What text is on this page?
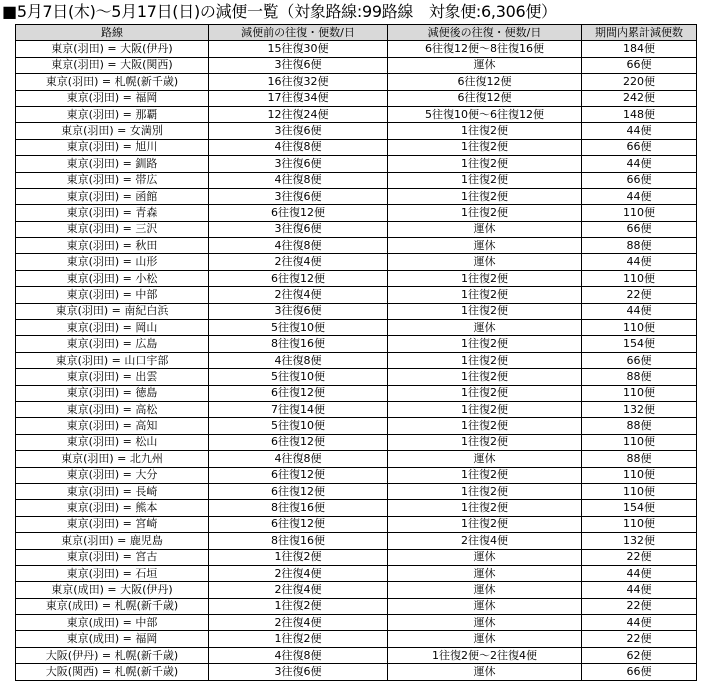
■5月7日(木)～5月17日(日)の減便一覧（対象路線:99路線　対象便:6,306便）
路線	減便前の往復・便数/日	減便後の往復・便数/日	期間内累計減便数
東京(羽田) = 大阪(伊丹)	15往復30便	6往復12便～8往復16便	184便
東京(羽田) = 大阪(関西)	3往復6便	運休	66便
東京(羽田) = 札幌(新千歳)	16往復32便	6往復12便	220便
東京(羽田) = 福岡	17往復34便	6往復12便	242便
東京(羽田) = 那覇	12往復24便	5往復10便～6往復12便	148便
東京(羽田) = 女満別	3往復6便	1往復2便	44便
東京(羽田) = 旭川	4往復8便	1往復2便	66便
東京(羽田) = 釧路	3往復6便	1往復2便	44便
東京(羽田) = 帯広	4往復8便	1往復2便	66便
東京(羽田) = 函館	3往復6便	1往復2便	44便
東京(羽田) = 青森	6往復12便	1往復2便	110便
東京(羽田) = 三沢	3往復6便	運休	66便
東京(羽田) = 秋田	4往復8便	運休	88便
東京(羽田) = 山形	2往復4便	運休	44便
東京(羽田) = 小松	6往復12便	1往復2便	110便
東京(羽田) = 中部	2往復4便	1往復2便	22便
東京(羽田) = 南紀白浜	3往復6便	1往復2便	44便
東京(羽田) = 岡山	5往復10便	運休	110便
東京(羽田) = 広島	8往復16便	1往復2便	154便
東京(羽田) = 山口宇部	4往復8便	1往復2便	66便
東京(羽田) = 出雲	5往復10便	1往復2便	88便
東京(羽田) = 徳島	6往復12便	1往復2便	110便
東京(羽田) = 高松	7往復14便	1往復2便	132便
東京(羽田) = 高知	5往復10便	1往復2便	88便
東京(羽田) = 松山	6往復12便	1往復2便	110便
東京(羽田) = 北九州	4往復8便	運休	88便
東京(羽田) = 大分	6往復12便	1往復2便	110便
東京(羽田) = 長崎	6往復12便	1往復2便	110便
東京(羽田) = 熊本	8往復16便	1往復2便	154便
東京(羽田) = 宮崎	6往復12便	1往復2便	110便
東京(羽田) = 鹿児島	8往復16便	2往復4便	132便
東京(羽田) = 宮古	1往復2便	運休	22便
東京(羽田) = 石垣	2往復4便	運休	44便
東京(成田) = 大阪(伊丹)	2往復4便	運休	44便
東京(成田) = 札幌(新千歳)	1往復2便	運休	22便
東京(成田) = 中部	2往復4便	運休	44便
東京(成田) = 福岡	1往復2便	運休	22便
大阪(伊丹) = 札幌(新千歳)	4往復8便	1往復2便～2往復4便	62便
大阪(関西) = 札幌(新千歳)	3往復6便	運休	66便
